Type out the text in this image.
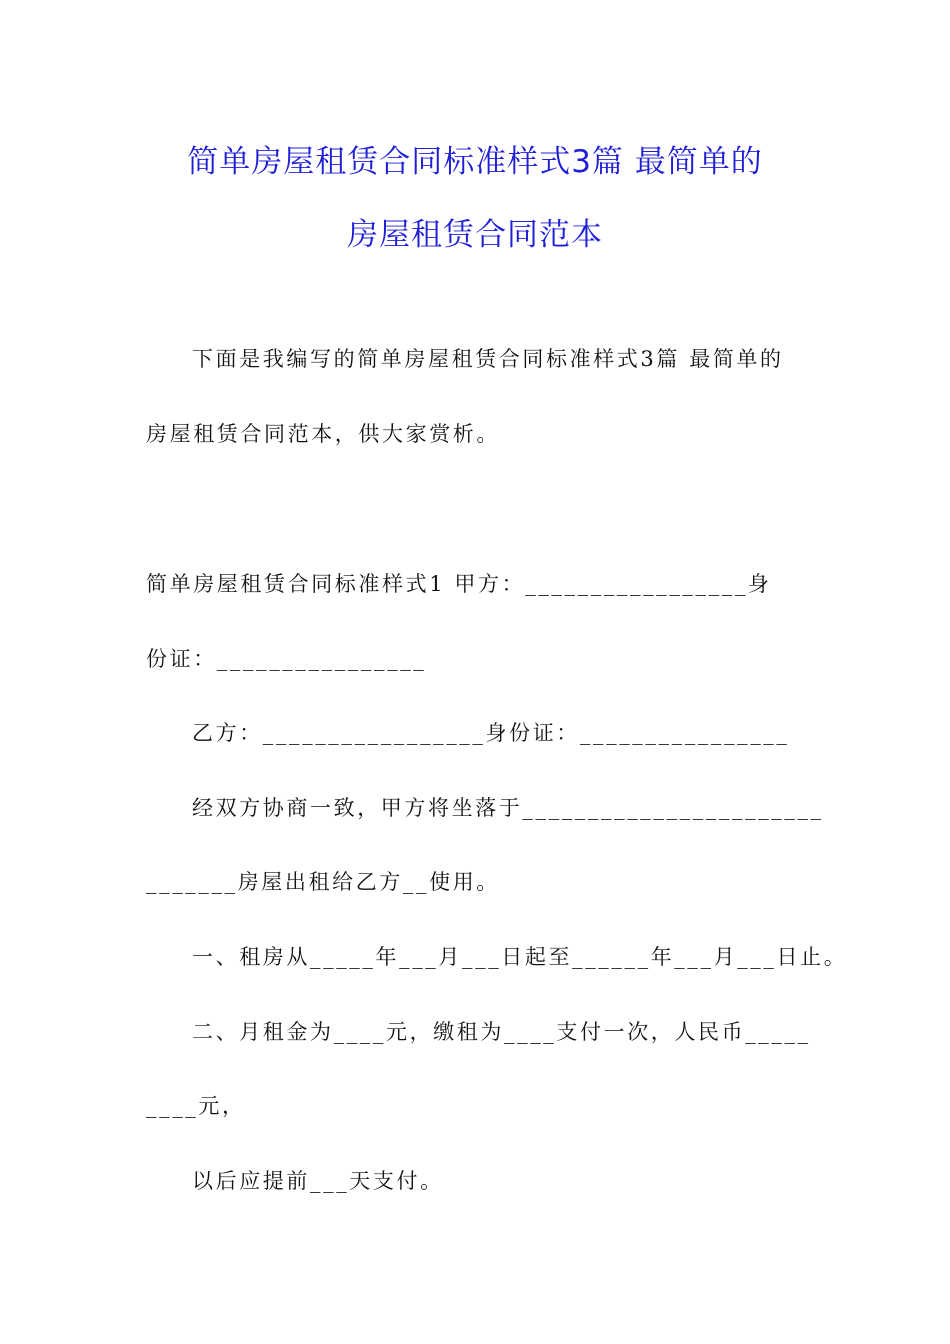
简单房屋租赁合同标准样式3篇 最简单的
房屋租赁合同范本
下面是我编写的简单房屋租赁合同标准样式3篇 最简单的
房屋租赁合同范本，供大家赏析。
简单房屋租赁合同标准样式1 甲方：_________________身
份证：________________
乙方：_________________身份证：________________
经双方协商一致，甲方将坐落于_______________________
_______房屋出租给乙方__使用。
一、租房从_____年___月___日起至______年___月___日止。
二、月租金为____元，缴租为____支付一次，人民币_____
____元，
以后应提前___天支付。
